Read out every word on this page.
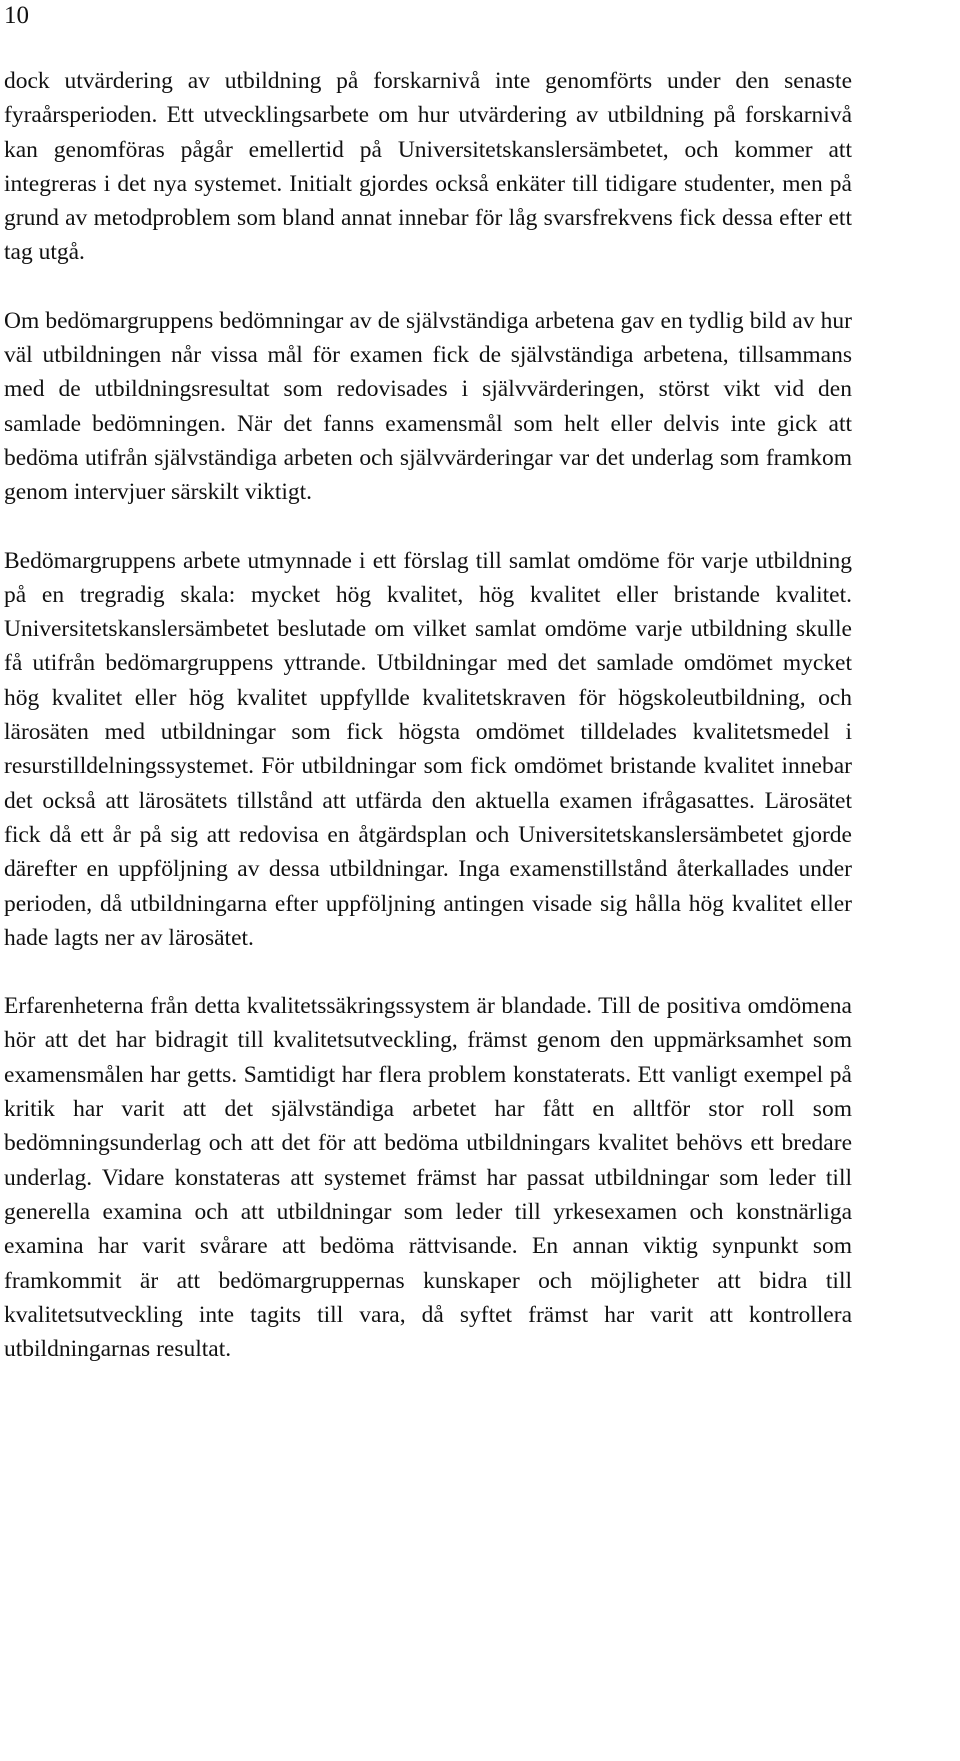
10

dock utvärdering av utbildning på forskarnivå inte genomförts under den senaste fyraårsperioden. Ett utvecklingsarbete om hur utvärdering av utbildning på forskarnivå kan genomföras pågår emellertid på Universitetskanslersämbetet, och kommer att integreras i det nya systemet. Initialt gjordes också enkäter till tidigare studenter, men på grund av metodproblem som bland annat innebar för låg svarsfrekvens fick dessa efter ett tag utgå.

Om bedömargruppens bedömningar av de självständiga arbetena gav en tydlig bild av hur väl utbildningen når vissa mål för examen fick de självständiga arbetena, tillsammans med de utbildningsresultat som redovisades i självvärderingen, störst vikt vid den samlade bedömningen. När det fanns examensmål som helt eller delvis inte gick att bedöma utifrån självständiga arbeten och självvärderingar var det underlag som framkom genom intervjuer särskilt viktigt.

Bedömargruppens arbete utmynnade i ett förslag till samlat omdöme för varje utbildning på en tregradig skala: mycket hög kvalitet, hög kvalitet eller bristande kvalitet. Universitetskanslersämbetet beslutade om vilket samlat omdöme varje utbildning skulle få utifrån bedömargruppens yttrande. Utbildningar med det samlade omdömet mycket hög kvalitet eller hög kvalitet uppfyllde kvalitetskraven för högskoleutbildning, och lärosäten med utbildningar som fick högsta omdömet tilldelades kvalitetsmedel i resurstilldelningssystemet. För utbildningar som fick omdömet bristande kvalitet innebar det också att lärosätets tillstånd att utfärda den aktuella examen ifrågasattes. Lärosätet fick då ett år på sig att redovisa en åtgärdsplan och Universitetskanslersämbetet gjorde därefter en uppföljning av dessa utbildningar. Inga examenstillstånd återkallades under perioden, då utbildningarna efter uppföljning antingen visade sig hålla hög kvalitet eller hade lagts ner av lärosätet.

Erfarenheterna från detta kvalitetssäkringssystem är blandade. Till de positiva omdömena hör att det har bidragit till kvalitetsutveckling, främst genom den uppmärksamhet som examensmålen har getts. Samtidigt har flera problem konstaterats. Ett vanligt exempel på kritik har varit att det självständiga arbetet har fått en alltför stor roll som bedömningsunderlag och att det för att bedöma utbildningars kvalitet behövs ett bredare underlag. Vidare konstateras att systemet främst har passat utbildningar som leder till generella examina och att utbildningar som leder till yrkesexamen och konstnärliga examina har varit svårare att bedöma rättvisande. En annan viktig synpunkt som framkommit är att bedömargruppernas kunskaper och möjligheter att bidra till kvalitetsutveckling inte tagits till vara, då syftet främst har varit att kontrollera utbildningarnas resultat.
